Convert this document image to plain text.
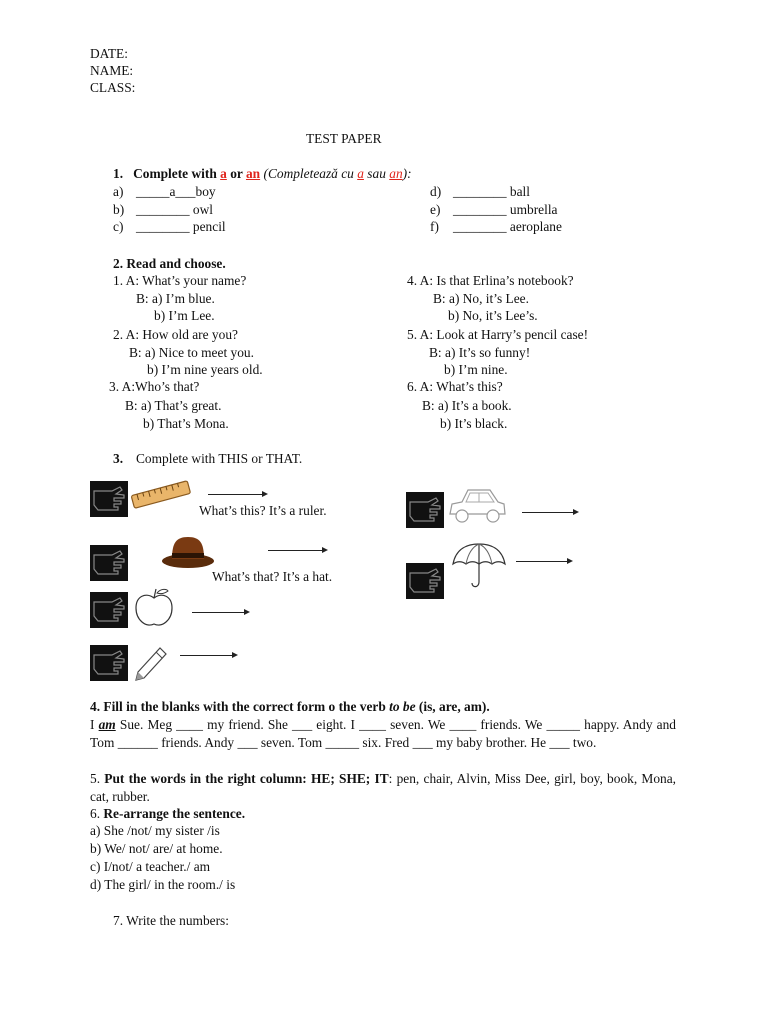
DATE:
NAME:
CLASS:
TEST PAPER
1. Complete with a or an (Completează cu a sau an):
a) _____a___boy
b) ________ owl
c) ________ pencil
d) ________ ball
e) ________ umbrella
f) ________ aeroplane
2. Read and choose.
1. A: What’s your name?
B: a) I’m blue.
b) I’m Lee.
2. A: How old are you?
B: a) Nice to meet you.
b) I’m nine years old.
3. A:Who’s that?
B: a) That’s great.
b) That’s Mona.
4. A: Is that Erlina’s notebook?
B: a) No, it’s Lee.
b) No, it’s Lee’s.
5. A: Look at Harry’s pencil case!
B: a) It’s so funny!
b) I’m nine.
6. A: What’s this?
B: a) It’s a book.
b) It’s black.
3. Complete with THIS or THAT.
What’s this? It’s a ruler.
What’s that? It’s a hat.
4. Fill in the blanks with the correct form o the verb to be (is, are, am).
I am Sue. Meg ____ my friend. She ___ eight. I ____ seven. We ____ friends. We _____ happy. Andy and Tom ______ friends. Andy ___ seven. Tom _____ six. Fred ___ my baby brother. He ___ two.
5. Put the words in the right column: HE; SHE; IT: pen, chair, Alvin, Miss Dee, girl, boy, book, Mona, cat, rubber.
6. Re-arrange the sentence.
a) She /not/ my sister /is
b) We/ not/ are/ at home.
c) I/not/ a teacher./ am
d) The girl/ in the room./ is
7. Write the numbers:
